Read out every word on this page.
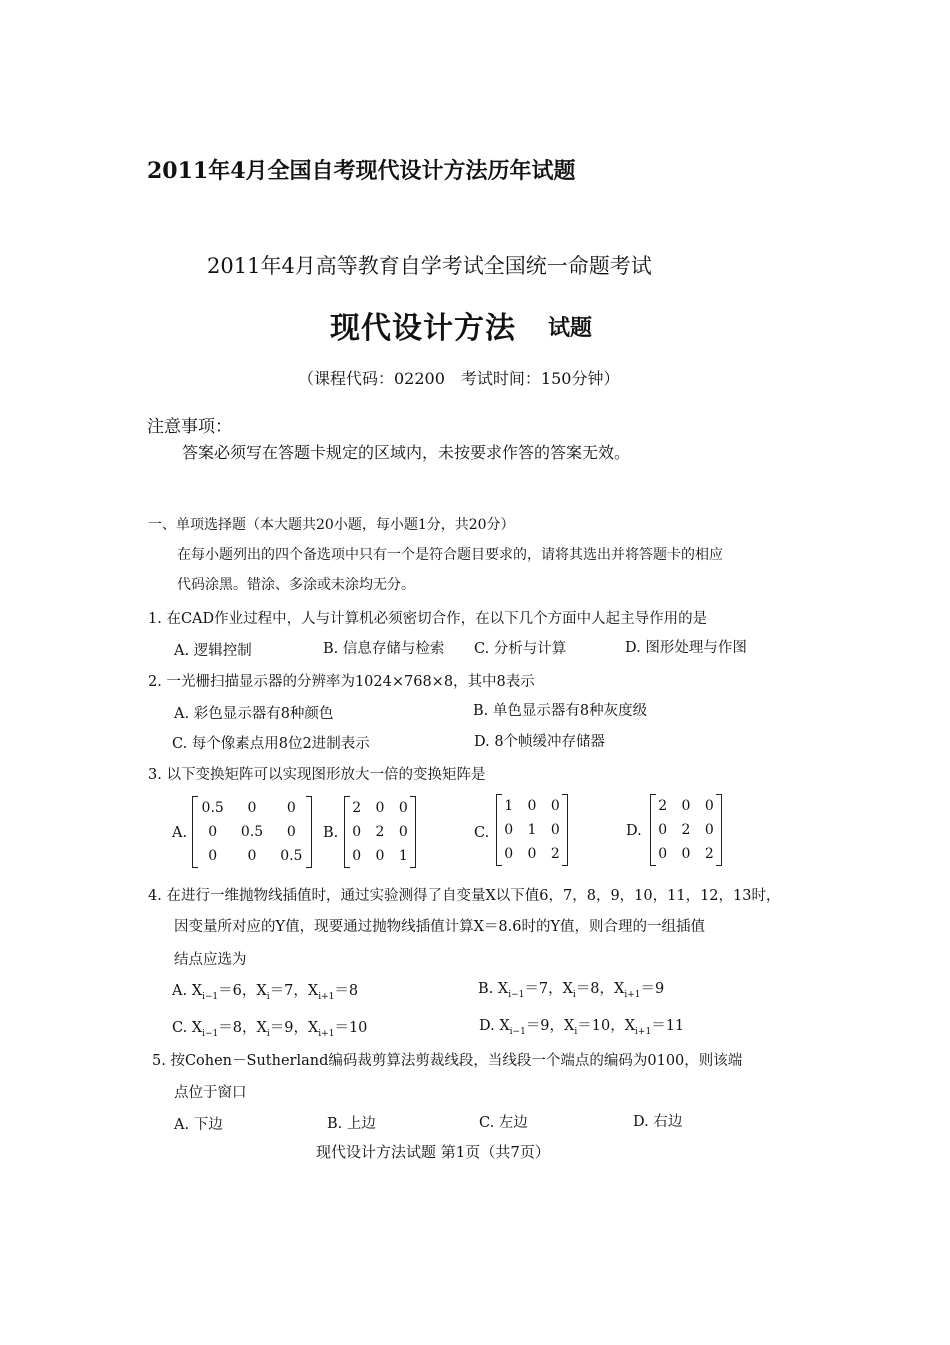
2011年4月全国自考现代设计方法历年试题
2011年4月高等教育自学考试全国统一命题考试
现代设计方法 试题
（课程代码：02200　考试时间：150分钟）
注意事项：
答案必须写在答题卡规定的区域内，未按要求作答的答案无效。
一、单项选择题（本大题共20小题，每小题1分，共20分）
在每小题列出的四个备选项中只有一个是符合题目要求的，请将其选出并将答题卡的相应
代码涂黑。错涂、多涂或未涂均无分。
1. 在CAD作业过程中，人与计算机必须密切合作，在以下几个方面中人起主导作用的是
A. 逻辑控制	B. 信息存储与检索 C. 分析与计算	D. 图形处理与作图
2. 一光栅扫描显示器的分辨率为1024×768×8，其中8表示
A. 彩色显示器有8种颜色	B. 单色显示器有8种灰度级
C. 每个像素点用8位2进制表示	D. 8个帧缓冲存储器
3. 以下变换矩阵可以实现图形放大一倍的变换矩阵是
A.
0.5	0	0
0	0.5	0
0	0	0.5
B.
2	0	0
0	2	0
0	0	1
C.
1	0	0
0	1	0
0	0	2
D.
2	0	0
0	2	0
0	0	2
4. 在进行一维抛物线插值时，通过实验测得了自变量X以下值6，7，8，9，10，11，12，13时，
因变量所对应的Y值，现要通过抛物线插值计算X＝8.6时的Y值，则合理的一组插值
结点应选为
A. $X_{i-1}=6$，$X_i=7$，$X_{i+1}=8$	B. $X_{i-1}=7$，$X_i=8$，$X_{i+1}=9$
C. $X_{i-1}=8$，$X_i=9$，$X_{i+1}=10$	D. $X_{i-1}=9$，$X_i=10$，$X_{i+1}=11$
5. 按Cohen－Sutherland编码裁剪算法剪裁线段，当线段一个端点的编码为0100，则该端
点位于窗口
A. 下边	B. 上边	C. 左边	D. 右边
现代设计方法试题 第1页（共7页）
